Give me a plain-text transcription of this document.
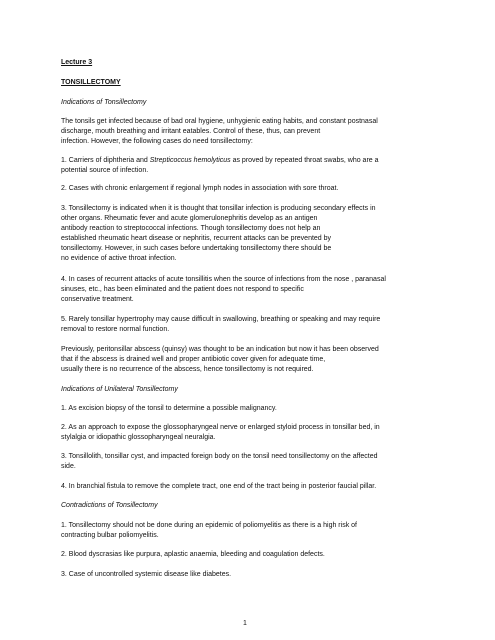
Lecture 3

TONSILLECTOMY

Indications of Tonsillectomy

The tonsils get infected because of bad oral hygiene, unhygienic eating habits, and constant postnasal
discharge, mouth breathing and irritant eatables. Control of these, thus, can prevent
infection. However, the following cases do need tonsillectomy:

1. Carriers of diphtheria and Strepticoccus hemolyticus as proved by repeated throat swabs, who are a
potential source of infection.

2. Cases with chronic enlargement if regional lymph nodes in association with sore throat.

3. Tonsillectomy is indicated when it is thought that tonsillar infection is producing secondary effects in
other organs. Rheumatic fever and acute glomerulonephritis develop as an antigen
antibody reaction to streptococcal infections. Though tonsillectomy does not help an
established rheumatic heart disease or nephritis, recurrent attacks can be prevented by
tonsillectomy. However, in such cases before undertaking tonsillectomy there should be
no evidence of active throat infection.

4. In cases of recurrent attacks of acute tonsillitis when the source of infections from the nose , paranasal
sinuses, etc., has been eliminated and the patient does not respond to specific
conservative treatment.

5. Rarely tonsillar hypertrophy may cause difficult in swallowing, breathing or speaking and may require
removal to restore normal function.

Previously, peritonsillar abscess (quinsy) was thought to be an indication but now it has been observed
that if the abscess is drained well and proper antibiotic cover given for adequate time,
usually there is no recurrence of the abscess, hence tonsillectomy is not required.

Indications of Unilateral Tonsillectomy

1. As excision biopsy of the tonsil to determine a possible malignancy.

2. As an approach to expose the glossopharyngeal nerve or enlarged styloid process in tonsillar bed, in
stylalgia or idiopathic glossopharyngeal neuralgia.

3. Tonsillolith, tonsillar cyst, and impacted foreign body on the tonsil need tonsillectomy on the affected
side.

4. In branchial fistula to remove the complete tract, one end of the tract being in posterior faucial pillar.

Contradictions of Tonsillectomy

1. Tonsillectomy should not be done during an epidemic of poliomyelitis as there is a high risk of
contracting bulbar poliomyelitis.

2. Blood dyscrasias like purpura, aplastic anaemia, bleeding and coagulation defects.

3. Case of uncontrolled systemic disease like diabetes.

1
